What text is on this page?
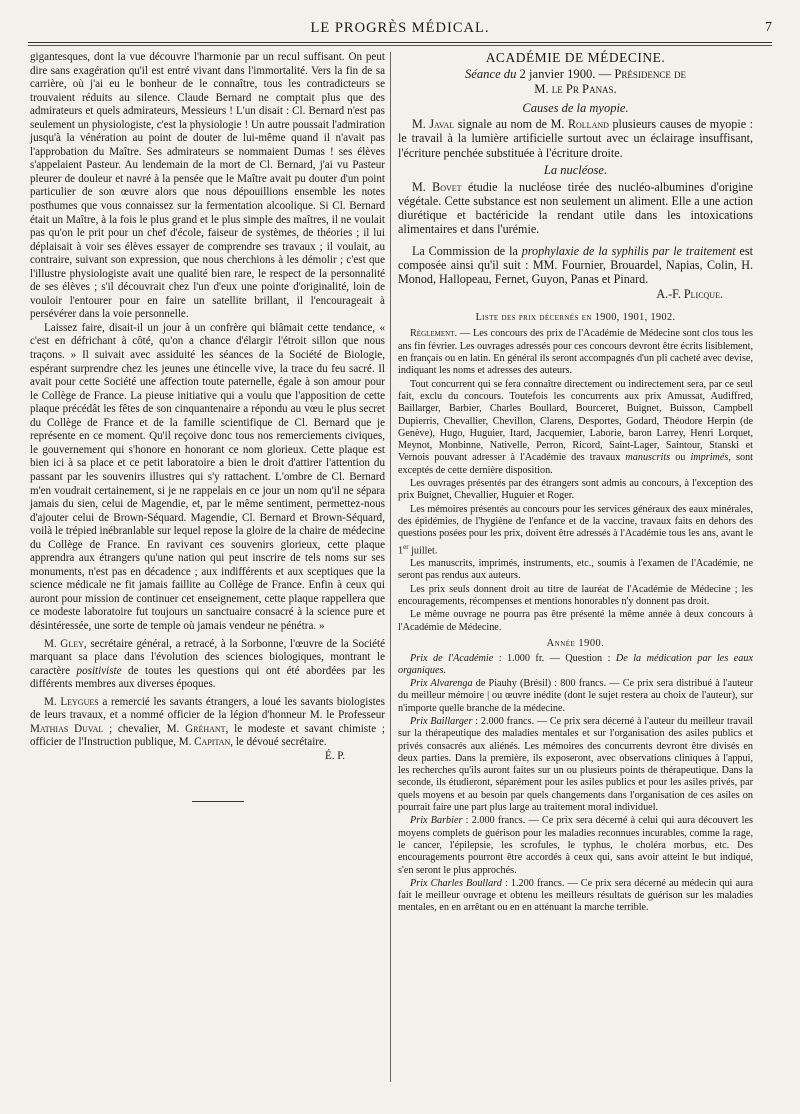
LE PROGRÈS MÉDICAL.	7

gigantesques, dont la vue découvre l'harmonie par un recul suffisant. On peut dire sans exagération qu'il est entré vivant dans l'immortalité. Vers la fin de sa carrière, où j'ai eu le bonheur de le connaître, tous les contradicteurs se trouvaient réduits au silence. Claude Bernard ne comptait plus que des admirateurs et quels admirateurs, Messieurs ! L'un disait : Cl. Bernard n'est pas seulement un physiologiste, c'est la physiologie ! Un autre poussait l'admiration jusqu'à la vénération au point de douter de lui-même quand il n'avait pas l'approbation du Maître. Ses admirateurs se nommaient Dumas ! ses élèves s'appelaient Pasteur. Au lendemain de la mort de Cl. Bernard, j'ai vu Pasteur pleurer de douleur et navré à la pensée que le Maître avait pu douter d'un point particulier de son œuvre alors que nous dépouillions ensemble les notes posthumes que vous connaissez sur la fermentation alcoolique. Si Cl. Bernard était un Maître, à la fois le plus grand et le plus simple des maîtres, il ne voulait pas qu'on le prit pour un chef d'école, faiseur de systèmes, de théories ; il lui déplaisait à voir ses élèves essayer de comprendre ses travaux ; il voulait, au contraire, suivant son expression, que nous cherchions à les démolir ; c'est que l'illustre physiologiste avait une qualité bien rare, le respect de la personnalité de ses élèves ; s'il découvrait chez l'un d'eux une pointe d'originalité, loin de vouloir l'entourer pour en faire un satellite brillant, il l'encourageait à persévérer dans la voie personnelle.

Laissez faire, disait-il un jour à un confrère qui blâmait cette tendance, « c'est en défrichant à côté, qu'on a chance d'élargir l'étroit sillon que nous traçons. » Il suivait avec assiduité les séances de la Société de Biologie, espérant surprendre chez les jeunes une étincelle vive, la trace du feu sacré. Il avait pour cette Société une affection toute paternelle, égale à son amour pour le Collège de France. La pieuse initiative qui a voulu que l'apposition de cette plaque précédât les fêtes de son cinquantenaire a répondu au vœu le plus secret du Collège de France et de la famille scientifique de Cl. Bernard que je représente en ce moment. Qu'il reçoive donc tous nos remerciements civiques, le gouvernement qui s'honore en honorant ce nom glorieux. Cette plaque est bien ici à sa place et ce petit laboratoire a bien le droit d'attirer l'attention du passant par les souvenirs illustres qui s'y rattachent. L'ombre de Cl. Bernard m'en voudrait certainement, si je ne rappelais en ce jour un nom qu'il ne sépara jamais du sien, celui de Magendie, et, par le même sentiment, permettez-nous d'ajouter celui de Brown-Séquard. Magendie, Cl. Bernard et Brown-Séquard, voilà le trépied inébranlable sur lequel repose la gloire de la chaire de médecine du Collège de France. En ravivant ces souvenirs glorieux, cette plaque apprendra aux étrangers qu'une nation qui peut inscrire de tels noms sur ses monuments, n'est pas en décadence ; aux indifférents et aux sceptiques que la science médicale ne fit jamais faillite au Collège de France. Enfin à ceux qui auront pour mission de continuer cet enseignement, cette plaque rappellera que ce modeste laboratoire fut toujours un sanctuaire consacré à la science pure et désintéressée, une sorte de temple où jamais vendeur ne pénétra. »

M. Gley, secrétaire général, a retracé, à la Sorbonne, l'œuvre de la Société marquant sa place dans l'évolution des sciences biologiques, montrant le caractère positiviste de toutes les questions qui ont été abordées par les différents membres aux diverses époques.

M. Leygues a remercié les savants étrangers, a loué les savants biologistes de leurs travaux, et a nommé officier de la légion d'honneur M. le Professeur Mathias Duval ; chevalier, M. Gréhant, le modeste et savant chimiste ; officier de l'Instruction publique, M. Capitan, le dévoué secrétaire.

É. P.
ACADÉMIE DE MÉDECINE.
Séance du 2 janvier 1900. — Présidence de
M. le Pr Panas.
Causes de la myopie.

M. Javal signale au nom de M. Rolland plusieurs causes de myopie : le travail à la lumière artificielle surtout avec un éclairage insuffisant, l'écriture penchée substituée à l'écriture droite.

La nucléose.

M. Bovet étudie la nucléose tirée des nucléo-albumines d'origine végétale. Cette substance est non seulement un aliment. Elle a une action diurétique et bactéricide la rendant utile dans les intoxications alimentaires et dans l'urémie.

La Commission de la prophylaxie de la syphilis par le traitement est composée ainsi qu'il suit : MM. Fournier, Brouardel, Napias, Colin, H. Monod, Hallopeau, Fernet, Guyon, Panas et Pinard.

A.-F. Plicque.
Liste des prix décernés en 1900, 1901, 1902.

Règlement. — Les concours des prix de l'Académie de Médecine sont clos tous les ans fin février. Les ouvrages adressés pour ces concours devront être écrits lisiblement, en français ou en latin. En général ils seront accompagnés d'un pli cacheté avec devise, indiquant les noms et adresses des auteurs.

Tout concurrent qui se fera connaître directement ou indirectement sera, par ce seul fait, exclu du concours. Toutefois les concurrents aux prix Amussat, Audiffred, Baillarger, Barbier, Charles Boullard, Bourceret, Buignet, Buisson, Campbell Dupierris, Chevallier, Chevillon, Clarens, Desportes, Godard, Théodore Herpin (de Genève), Hugo, Huguier, Itard, Jacquemier, Laborie, baron Larrey, Henri Lorquet, Meynot, Monbinne, Nativelle, Perron, Ricord, Saint-Lager, Saintour, Stanski et Vernois pouvant adresser à l'Académie des travaux manuscrits ou imprimés, sont exceptés de cette dernière disposition.

Les ouvrages présentés par des étrangers sont admis au concours, à l'exception des prix Buignet, Chevallier, Huguier et Roger.

Les mémoires présentés au concours pour les services généraux des eaux minérales, des épidémies, de l'hygiène de l'enfance et de la vaccine, travaux faits en dehors des questions posées pour les prix, doivent être adressés à l'Académie tous les ans, avant le 1er juillet.

Les manuscrits, imprimés, instruments, etc., soumis à l'examen de l'Académie, ne seront pas rendus aux auteurs.

Les prix seuls donnent droit au titre de lauréat de l'Académie de Médecine ; les encouragements, récompenses et mentions honorables n'y donnent pas droit.

Le même ouvrage ne pourra pas être présenté la même année à deux concours à l'Académie de Médecine.

Année 1900.

Prix de l'Académie : 1.000 fr. — Question : De la médication par les eaux organiques.

Prix Alvarenga de Piauhy (Brésil) : 800 francs. — Ce prix sera distribué à l'auteur du meilleur mémoire | ou œuvre inédite (dont le sujet restera au choix de l'auteur), sur n'importe quelle branche de la médecine.

Prix Baillarger : 2.000 francs. — Ce prix sera décerné à l'auteur du meilleur travail sur la thérapeutique des maladies mentales et sur l'organisation des asiles publics et privés consacrés aux aliénés. Les mémoires des concurrents devront être divisés en deux parties. Dans la première, ils exposeront, avec observations cliniques à l'appui, les recherches qu'ils auront faites sur un ou plusieurs points de thérapeutique. Dans la seconde, ils étudieront, séparément pour les asiles publics et pour les asiles privés, par quels moyens et au besoin par quels changements dans l'organisation de ces asiles on pourrait faire une part plus large au traitement moral individuel.

Prix Barbier : 2.000 francs. — Ce prix sera décerné à celui qui aura découvert les moyens complets de guérison pour les maladies reconnues incurables, comme la rage, le cancer, l'épilepsie, les scrofules, le typhus, le choléra morbus, etc. Des encouragements pourront être accordés à ceux qui, sans avoir atteint le but indiqué, s'en seront le plus approchés.

Prix Charles Boullard : 1.200 francs. — Ce prix sera décerné au médecin qui aura fait le meilleur ouvrage et obtenu les meilleurs résultats de guérison sur les maladies mentales, en en arrêtant ou en en atténuant la marche terrible.
